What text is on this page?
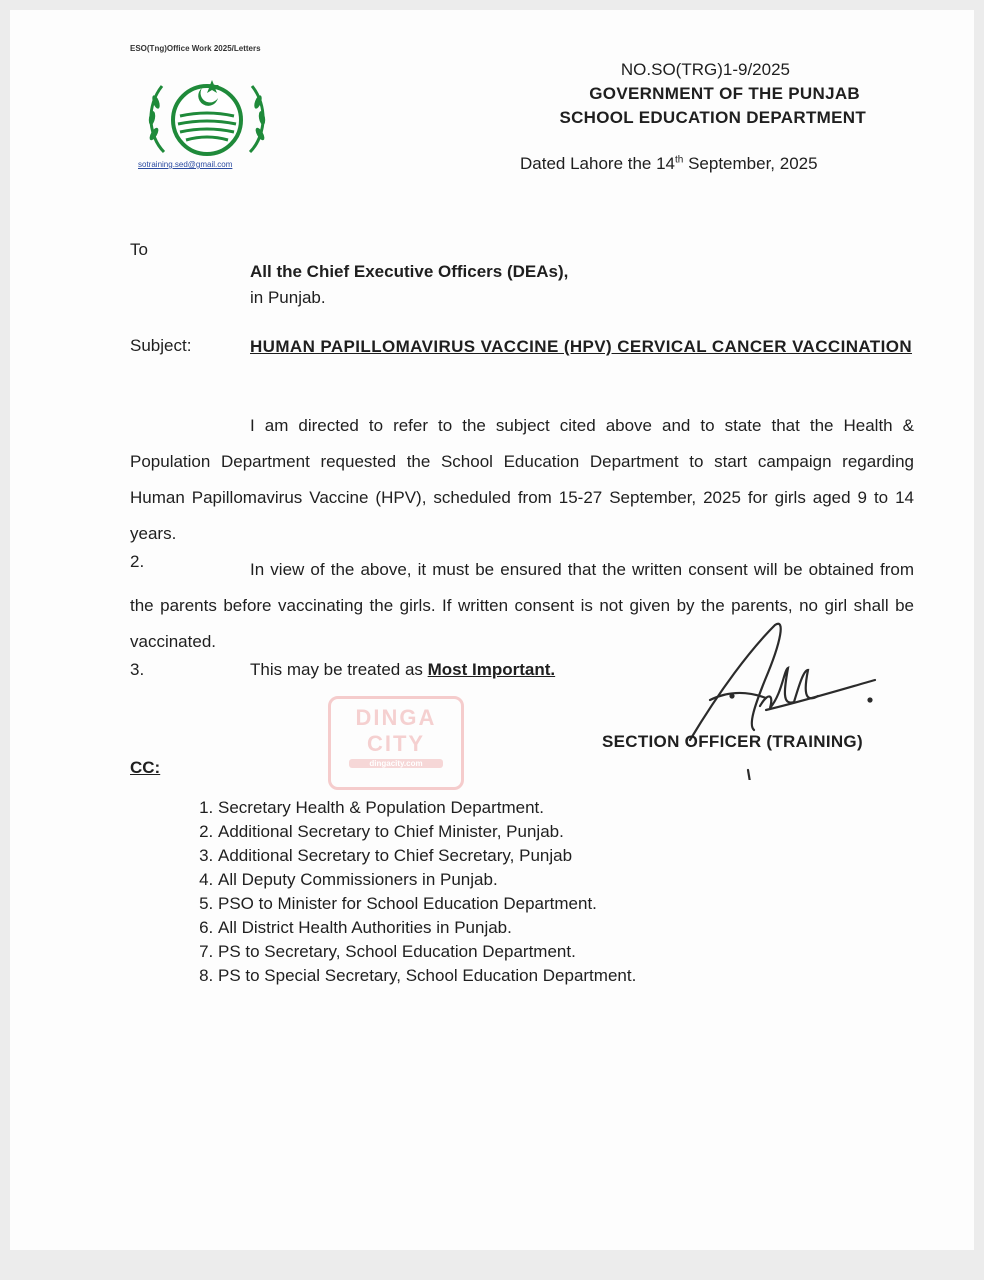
ESO(Tng)Office Work 2025/Letters
sotraining.sed@gmail.com
NO.SO(TRG)1-9/2025
GOVERNMENT OF THE PUNJAB
SCHOOL EDUCATION DEPARTMENT
Dated Lahore the 14th September, 2025
To
All the Chief Executive Officers (DEAs),
in Punjab.
Subject:	HUMAN PAPILLOMAVIRUS VACCINE (HPV) CERVICAL CANCER VACCINATION
I am directed to refer to the subject cited above and to state that the Health & Population Department requested the School Education Department to start campaign regarding Human Papillomavirus Vaccine (HPV), scheduled from 15-27 September, 2025 for girls aged 9 to 14 years.
2.	In view of the above, it must be ensured that the written consent will be obtained from the parents before vaccinating the girls. If written consent is not given by the parents, no girl shall be vaccinated.
3.	This may be treated as Most Important.
DINGA
CITY
dingacity.com
SECTION OFFICER (TRAINING)
CC:
1. Secretary Health & Population Department.
2. Additional Secretary to Chief Minister, Punjab.
3. Additional Secretary to Chief Secretary, Punjab
4. All Deputy Commissioners in Punjab.
5. PSO to Minister for School Education Department.
6. All District Health Authorities in Punjab.
7. PS to Secretary, School Education Department.
8. PS to Special Secretary, School Education Department.
